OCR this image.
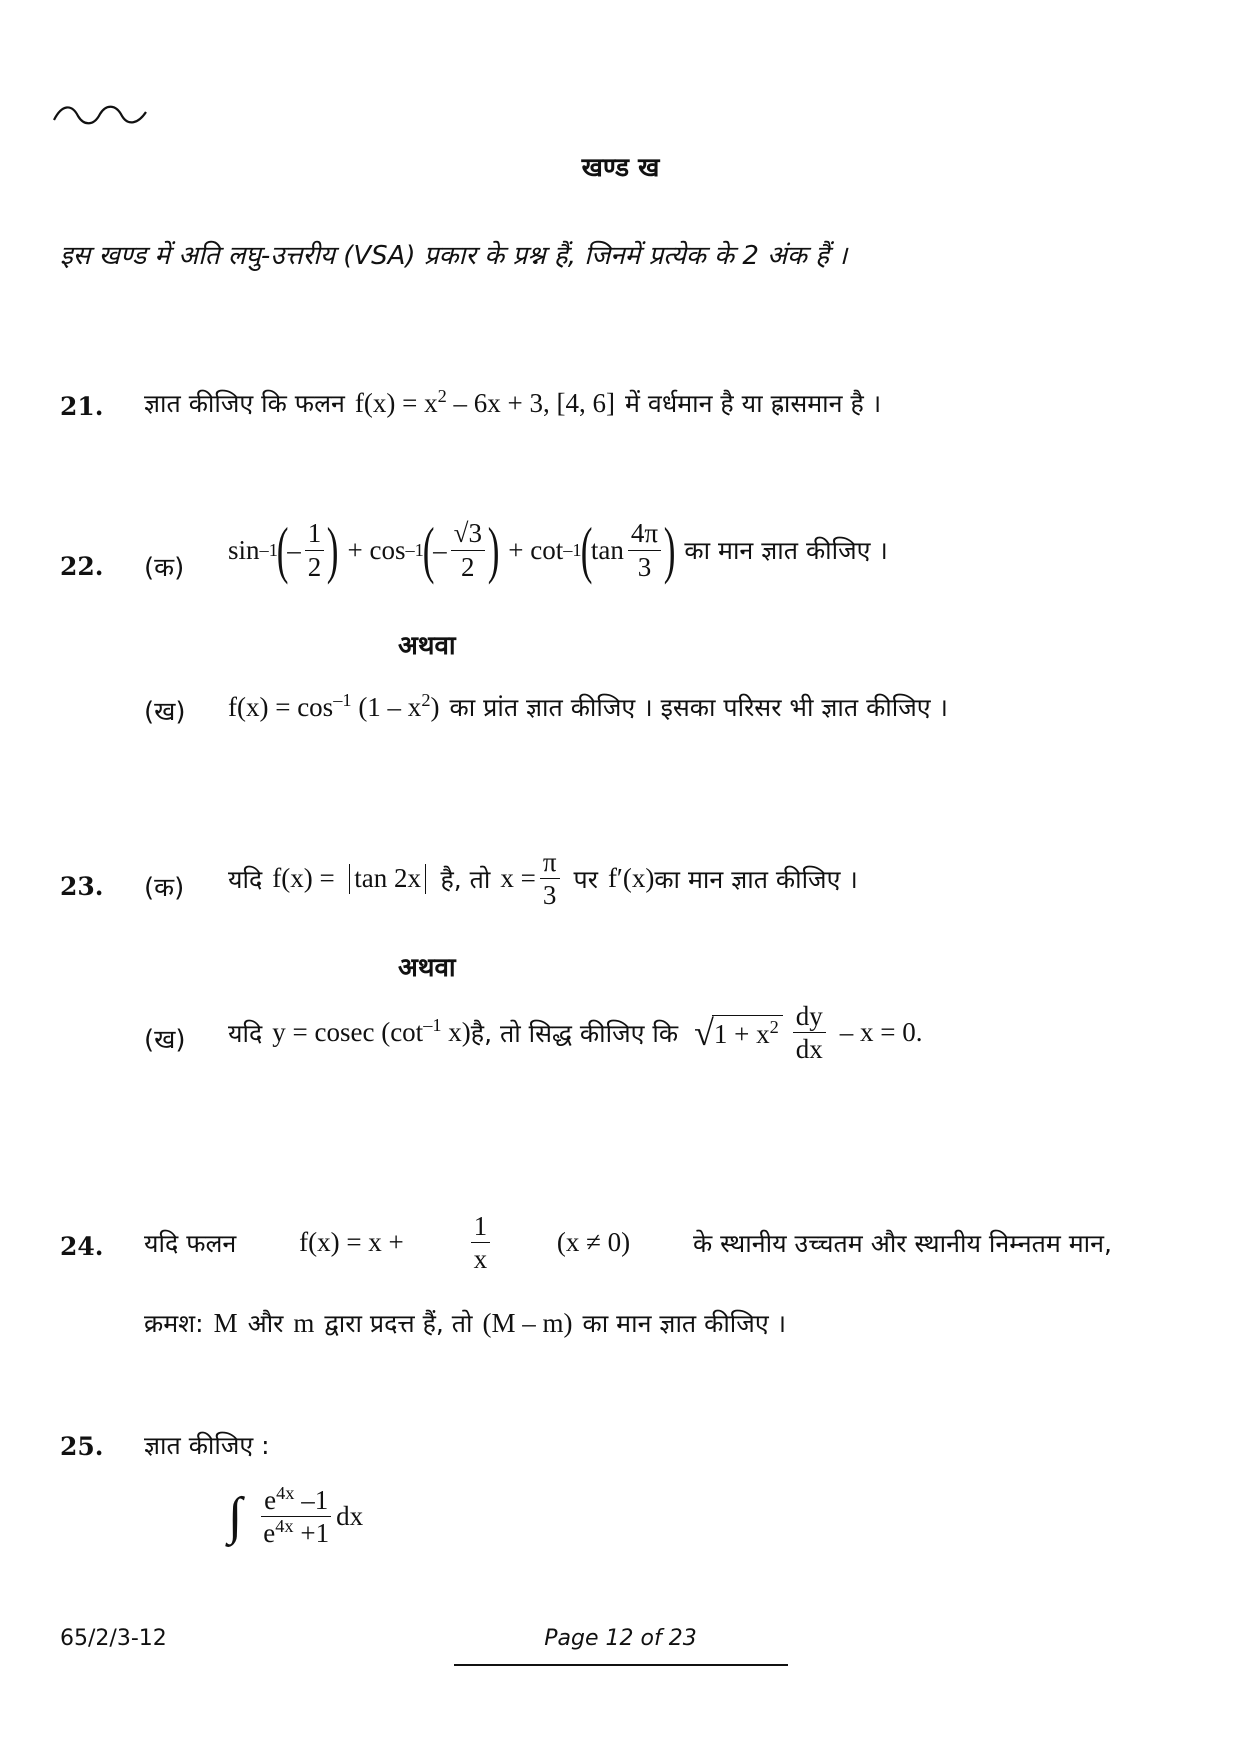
खण्ड ख
इस खण्ड में अति लघु-उत्तरीय (VSA) प्रकार के प्रश्न हैं, जिनमें प्रत्येक के 2 अंक हैं ।
21. ज्ञात कीजिए कि फलन $f(x) = x^2 - 6x + 3$, [4, 6] में वर्धमान है या ह्रासमान है ।
22. (क)
sin –1
(
– $\frac{1}{2}$ ) + cos –1
(
– $\frac{√3}{2}$ ) + cot –1
(
$\tan \frac{4\pi}{3}$ ) का मान ज्ञात कीजिए ।
अथवा
(ख) $f(x) = \cos^{-1} (1 - x^2)$ का प्रांत ज्ञात कीजिए । इसका परिसर भी ज्ञात कीजिए ।
23. (क) यदि f(x) = tan 2x है, तो $x = \frac{\pi}{3}$ पर f′(x) का मान ज्ञात कीजिए ।
अथवा
(ख) यदि y = cosec ($\cot^{-1}$ x) है, तो सिद्ध कीजिए कि √ $1 + x^2 \frac{dy}{dx} - x = 0$.
24. यदि फलन $f(x) = x + \frac{1}{x} (x \ne 0)$	के स्थानीय उच्चतम और स्थानीय निम्नतम मान,
क्रमश: M और m द्वारा प्रदत्त हैं, तो (M – m) का मान ज्ञात कीजिए ।
25. ज्ञात कीजिए :
∫ $\frac{e^{4x} -1}{e^{4x} +1}$ dx
65/2/3-12	Page 12 of 23
